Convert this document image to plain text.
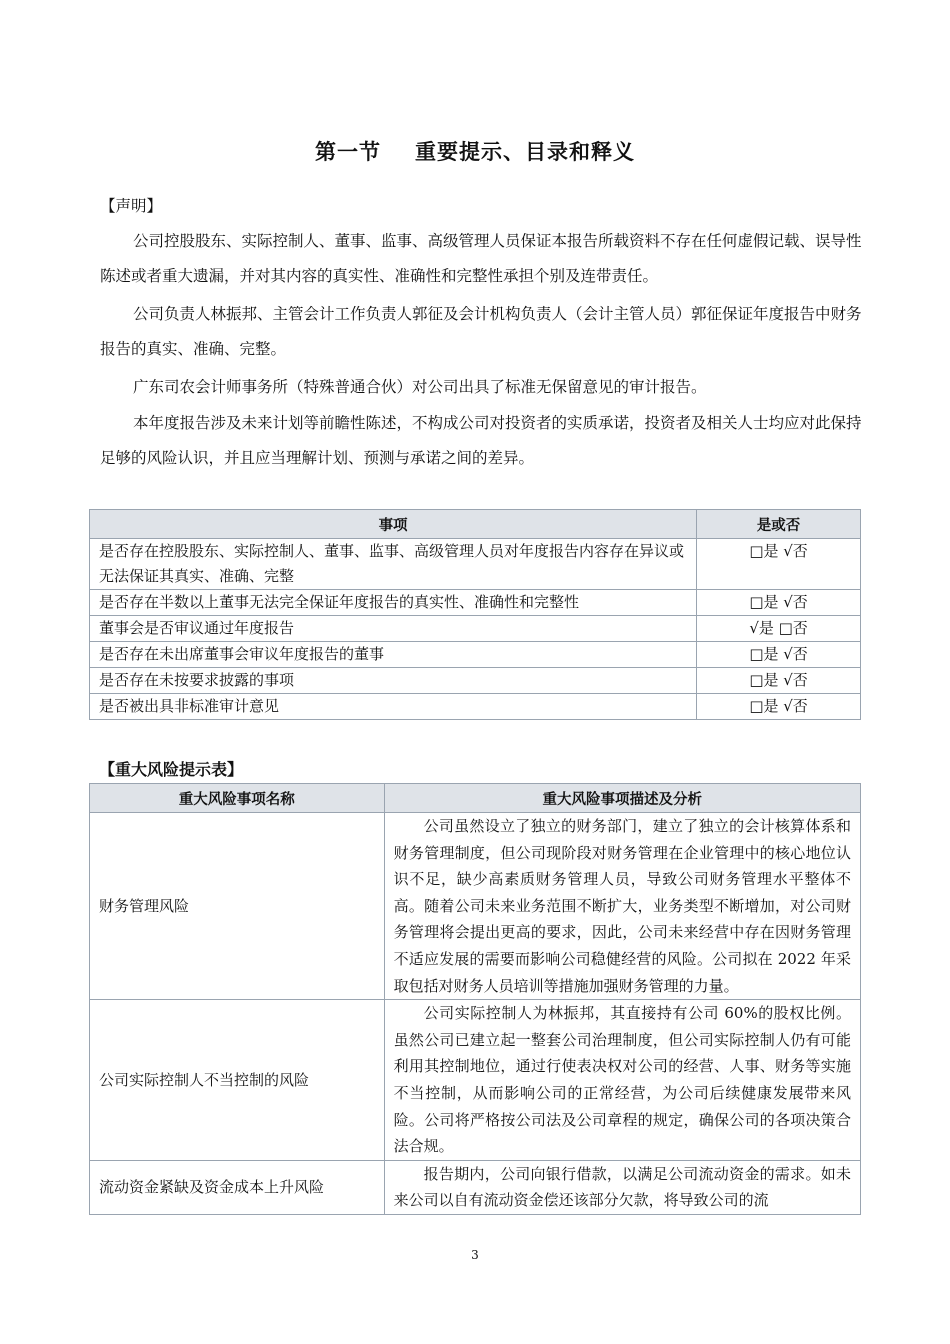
第一节 重要提示、目录和释义
【声明】
公司控股股东、实际控制人、董事、监事、高级管理人员保证本报告所载资料不存在任何虚假记载、误导性陈述或者重大遗漏，并对其内容的真实性、准确性和完整性承担个别及连带责任。
公司负责人林振邦、主管会计工作负责人郭征及会计机构负责人（会计主管人员）郭征保证年度报告中财务报告的真实、准确、完整。
广东司农会计师事务所（特殊普通合伙）对公司出具了标准无保留意见的审计报告。
本年度报告涉及未来计划等前瞻性陈述，不构成公司对投资者的实质承诺，投资者及相关人士均应对此保持足够的风险认识，并且应当理解计划、预测与承诺之间的差异。
事项	是或否
是否存在控股股东、实际控制人、董事、监事、高级管理人员对年度报告内容存在异议或无法保证其真实、准确、完整	□是 √否
是否存在半数以上董事无法完全保证年度报告的真实性、准确性和完整性	□是 √否
董事会是否审议通过年度报告	√是 □否
是否存在未出席董事会审议年度报告的董事	□是 √否
是否存在未按要求披露的事项	□是 √否
是否被出具非标准审计意见	□是 √否
【重大风险提示表】
重大风险事项名称	重大风险事项描述及分析
财务管理风险	公司虽然设立了独立的财务部门，建立了独立的会计核算体系和财务管理制度，但公司现阶段对财务管理在企业管理中的核心地位认识不足，缺少高素质财务管理人员，导致公司财务管理水平整体不高。随着公司未来业务范围不断扩大，业务类型不断增加，对公司财务管理将会提出更高的要求，因此，公司未来经营中存在因财务管理不适应发展的需要而影响公司稳健经营的风险。公司拟在 2022 年采取包括对财务人员培训等措施加强财务管理的力量。
公司实际控制人不当控制的风险	公司实际控制人为林振邦，其直接持有公司 60%的股权比例。虽然公司已建立起一整套公司治理制度，但公司实际控制人仍有可能利用其控制地位，通过行使表决权对公司的经营、人事、财务等实施不当控制，从而影响公司的正常经营，为公司后续健康发展带来风险。公司将严格按公司法及公司章程的规定，确保公司的各项决策合法合规。
流动资金紧缺及资金成本上升风险	报告期内，公司向银行借款，以满足公司流动资金的需求。如未来公司以自有流动资金偿还该部分欠款，将导致公司的流
3
